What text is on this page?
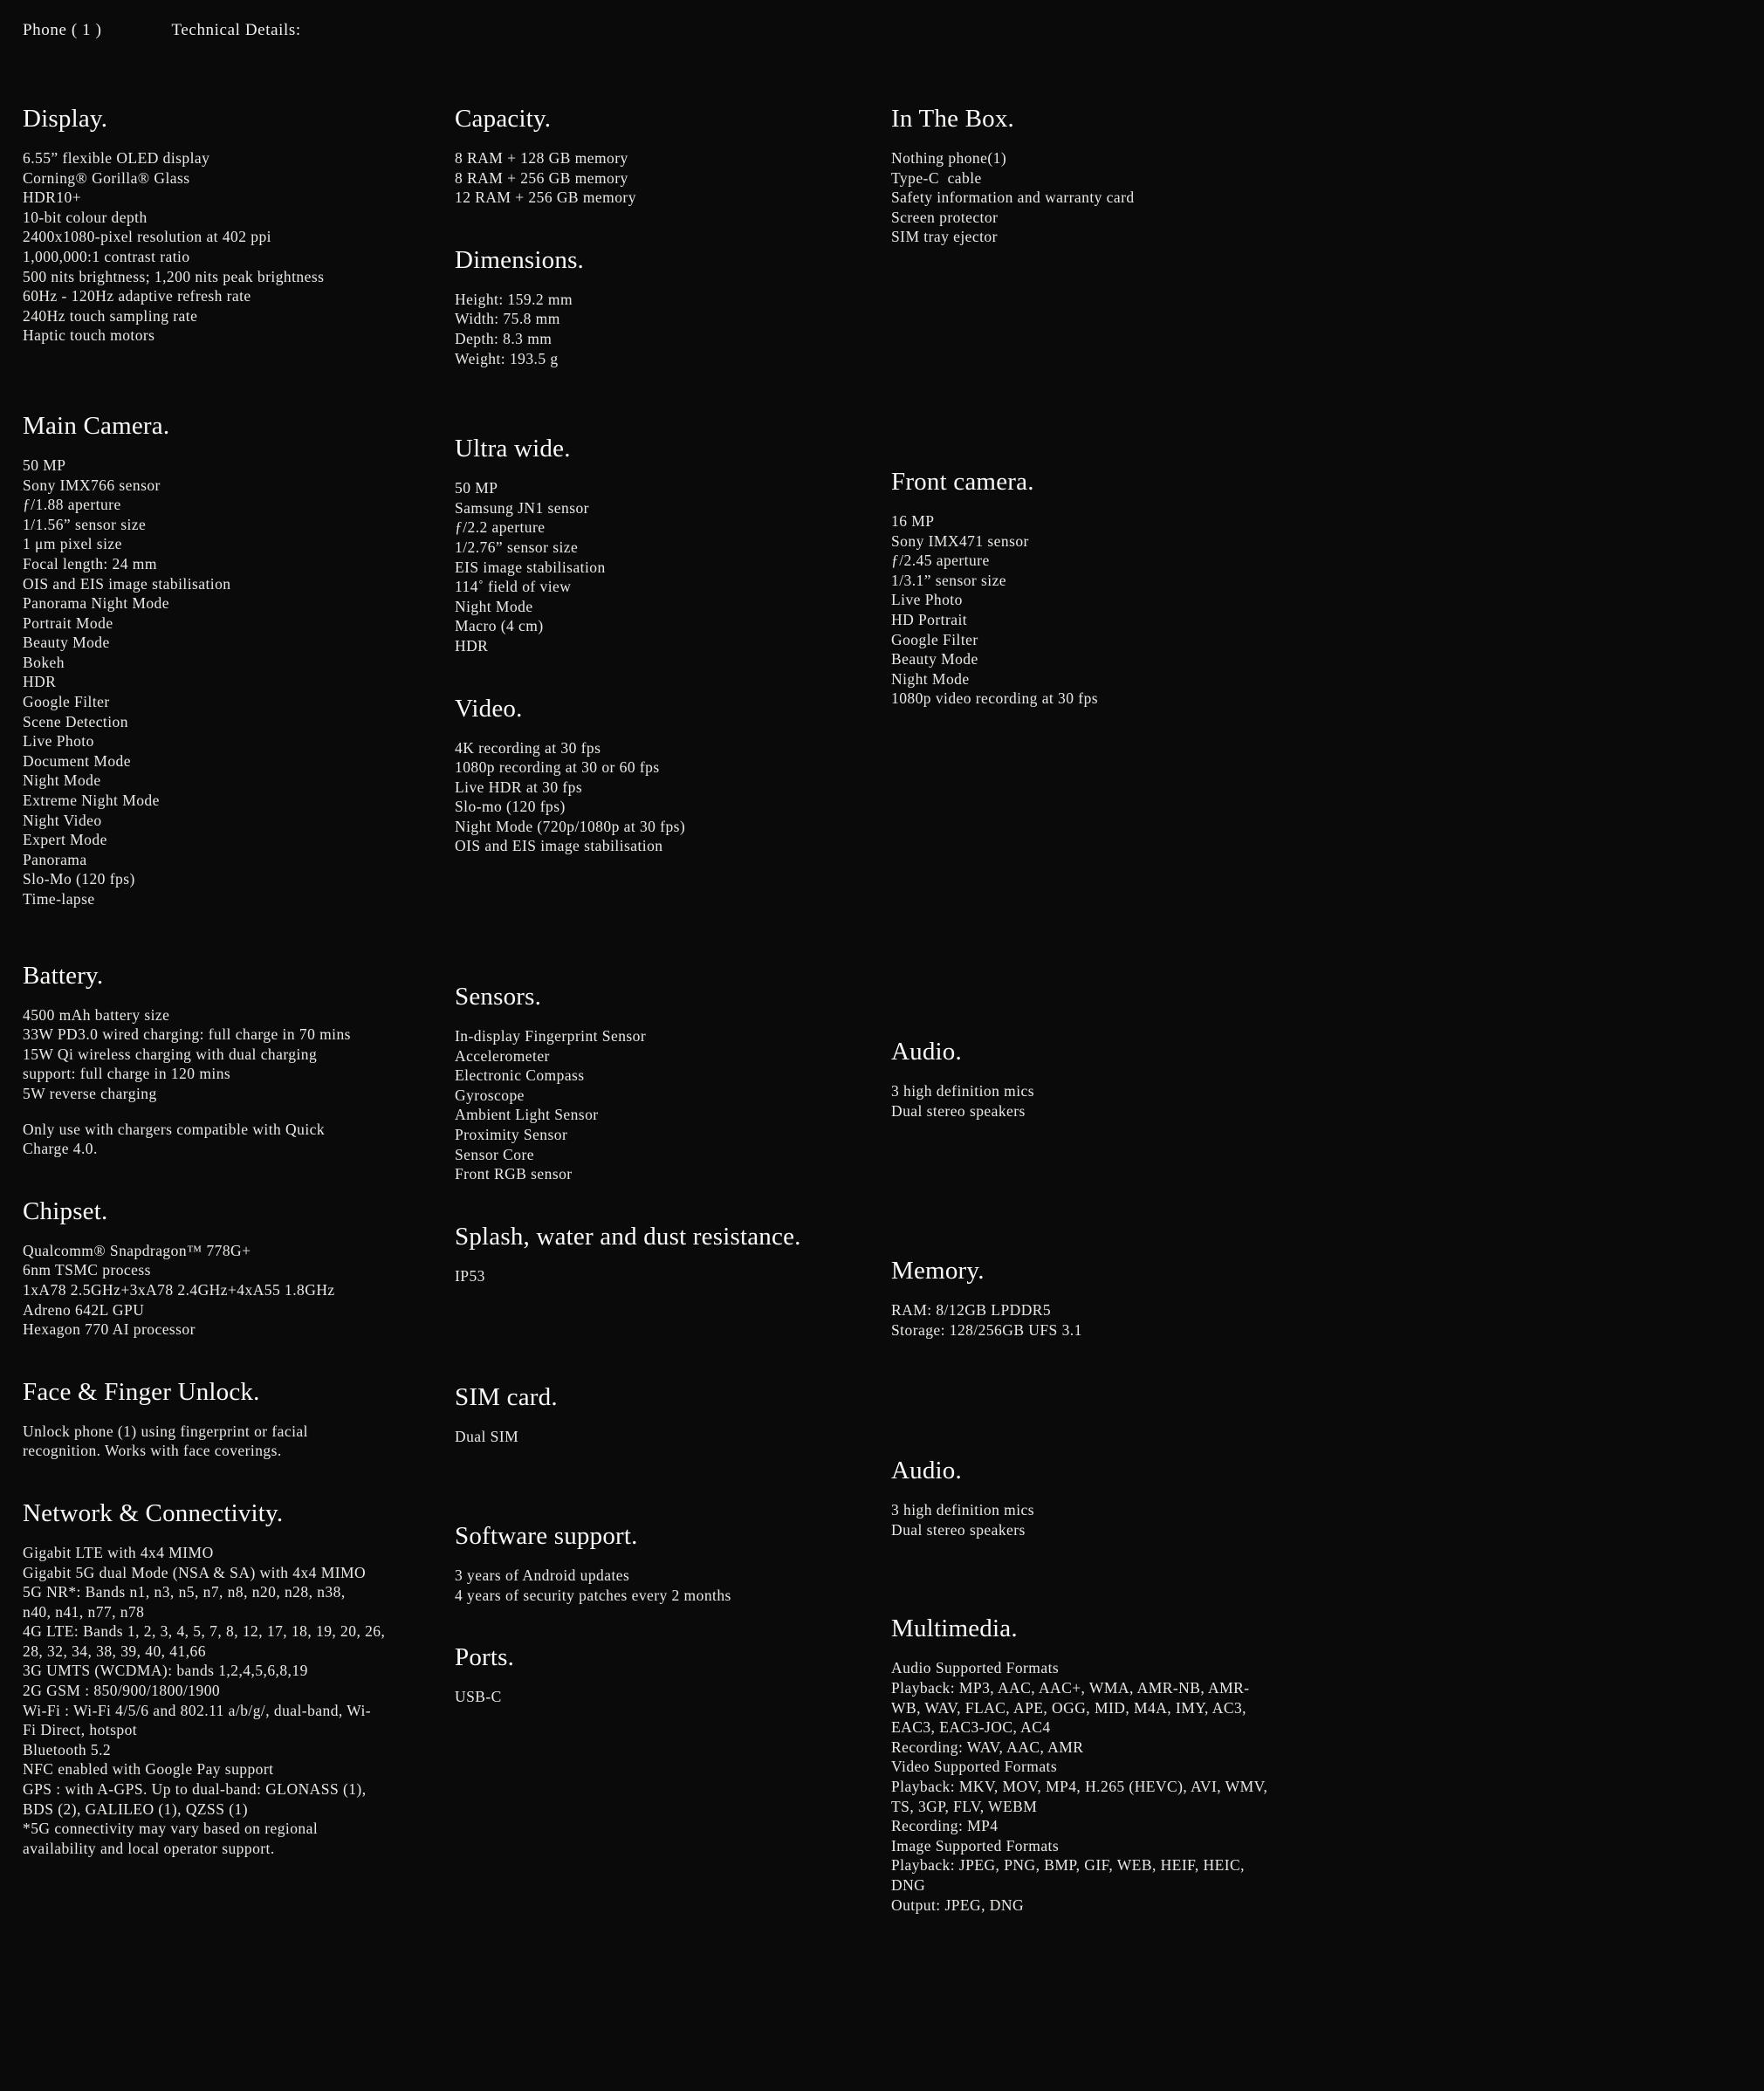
Phone ( 1 )	Technical Details:
Display.
6.55” flexible OLED display
Corning® Gorilla® Glass
HDR10+
10-bit colour depth
2400x1080-pixel resolution at 402 ppi
1,000,000:1 contrast ratio
500 nits brightness; 1,200 nits peak brightness
60Hz - 120Hz adaptive refresh rate
240Hz touch sampling rate
Haptic touch motors
Main Camera.
50 MP
Sony IMX766 sensor
ƒ/1.88 aperture
1/1.56” sensor size
1 μm pixel size
Focal length: 24 mm
OIS and EIS image stabilisation
Panorama Night Mode
Portrait Mode
Beauty Mode
Bokeh
HDR
Google Filter
Scene Detection
Live Photo
Document Mode
Night Mode
Extreme Night Mode
Night Video
Expert Mode
Panorama
Slo-Mo (120 fps)
Time-lapse
Battery.
4500 mAh battery size
33W PD3.0 wired charging: full charge in 70 mins
15W Qi wireless charging with dual charging
support: full charge in 120 mins
5W reverse charging
Only use with chargers compatible with Quick
Charge 4.0.
Chipset.
Qualcomm® Snapdragon™ 778G+
6nm TSMC process
1xA78 2.5GHz+3xA78 2.4GHz+4xA55 1.8GHz
Adreno 642L GPU
Hexagon 770 AI processor
Face & Finger Unlock.
Unlock phone (1) using fingerprint or facial
recognition. Works with face coverings.
Network & Connectivity.
Gigabit LTE with 4x4 MIMO
Gigabit 5G dual Mode (NSA & SA) with 4x4 MIMO
5G NR*: Bands n1, n3, n5, n7, n8, n20, n28, n38,
n40, n41, n77, n78
4G LTE: Bands 1, 2, 3, 4, 5, 7, 8, 12, 17, 18, 19, 20, 26,
28, 32, 34, 38, 39, 40, 41,66
3G UMTS (WCDMA): bands 1,2,4,5,6,8,19
2G GSM : 850/900/1800/1900
Wi-Fi : Wi-Fi 4/5/6 and 802.11 a/b/g/, dual-band, Wi-
Fi Direct, hotspot
Bluetooth 5.2
NFC enabled with Google Pay support
GPS : with A-GPS. Up to dual-band: GLONASS (1),
BDS (2), GALILEO (1), QZSS (1)
*5G connectivity may vary based on regional
availability and local operator support.
Capacity.
8 RAM + 128 GB memory
8 RAM + 256 GB memory
12 RAM + 256 GB memory
Dimensions.
Height: 159.2 mm
Width: 75.8 mm
Depth: 8.3 mm
Weight: 193.5 g
Ultra wide.
50 MP
Samsung JN1 sensor
ƒ/2.2 aperture
1/2.76” sensor size
EIS image stabilisation
114˚ field of view
Night Mode
Macro (4 cm)
HDR
Video.
4K recording at 30 fps
1080p recording at 30 or 60 fps
Live HDR at 30 fps
Slo-mo (120 fps)
Night Mode (720p/1080p at 30 fps)
OIS and EIS image stabilisation
Sensors.
In-display Fingerprint Sensor
Accelerometer
Electronic Compass
Gyroscope
Ambient Light Sensor
Proximity Sensor
Sensor Core
Front RGB sensor
Splash, water and dust resistance.
IP53
SIM card.
Dual SIM
Software support.
3 years of Android updates
4 years of security patches every 2 months
Ports.
USB-C
In The Box.
Nothing phone(1)
Type-C  cable
Safety information and warranty card
Screen protector
SIM tray ejector
Front camera.
16 MP
Sony IMX471 sensor
ƒ/2.45 aperture
1/3.1” sensor size
Live Photo
HD Portrait
Google Filter
Beauty Mode
Night Mode
1080p video recording at 30 fps
Audio.
3 high definition mics
Dual stereo speakers
Memory.
RAM: 8/12GB LPDDR5
Storage: 128/256GB UFS 3.1
Audio.
3 high definition mics
Dual stereo speakers
Multimedia.
Audio Supported Formats
Playback: MP3, AAC, AAC+, WMA, AMR-NB, AMR-
WB, WAV, FLAC, APE, OGG, MID, M4A, IMY, AC3,
EAC3, EAC3-JOC, AC4
Recording: WAV, AAC, AMR
Video Supported Formats
Playback: MKV, MOV, MP4, H.265 (HEVC), AVI, WMV,
TS, 3GP, FLV, WEBM
Recording: MP4
Image Supported Formats
Playback: JPEG, PNG, BMP, GIF, WEB, HEIF, HEIC,
DNG
Output: JPEG, DNG
